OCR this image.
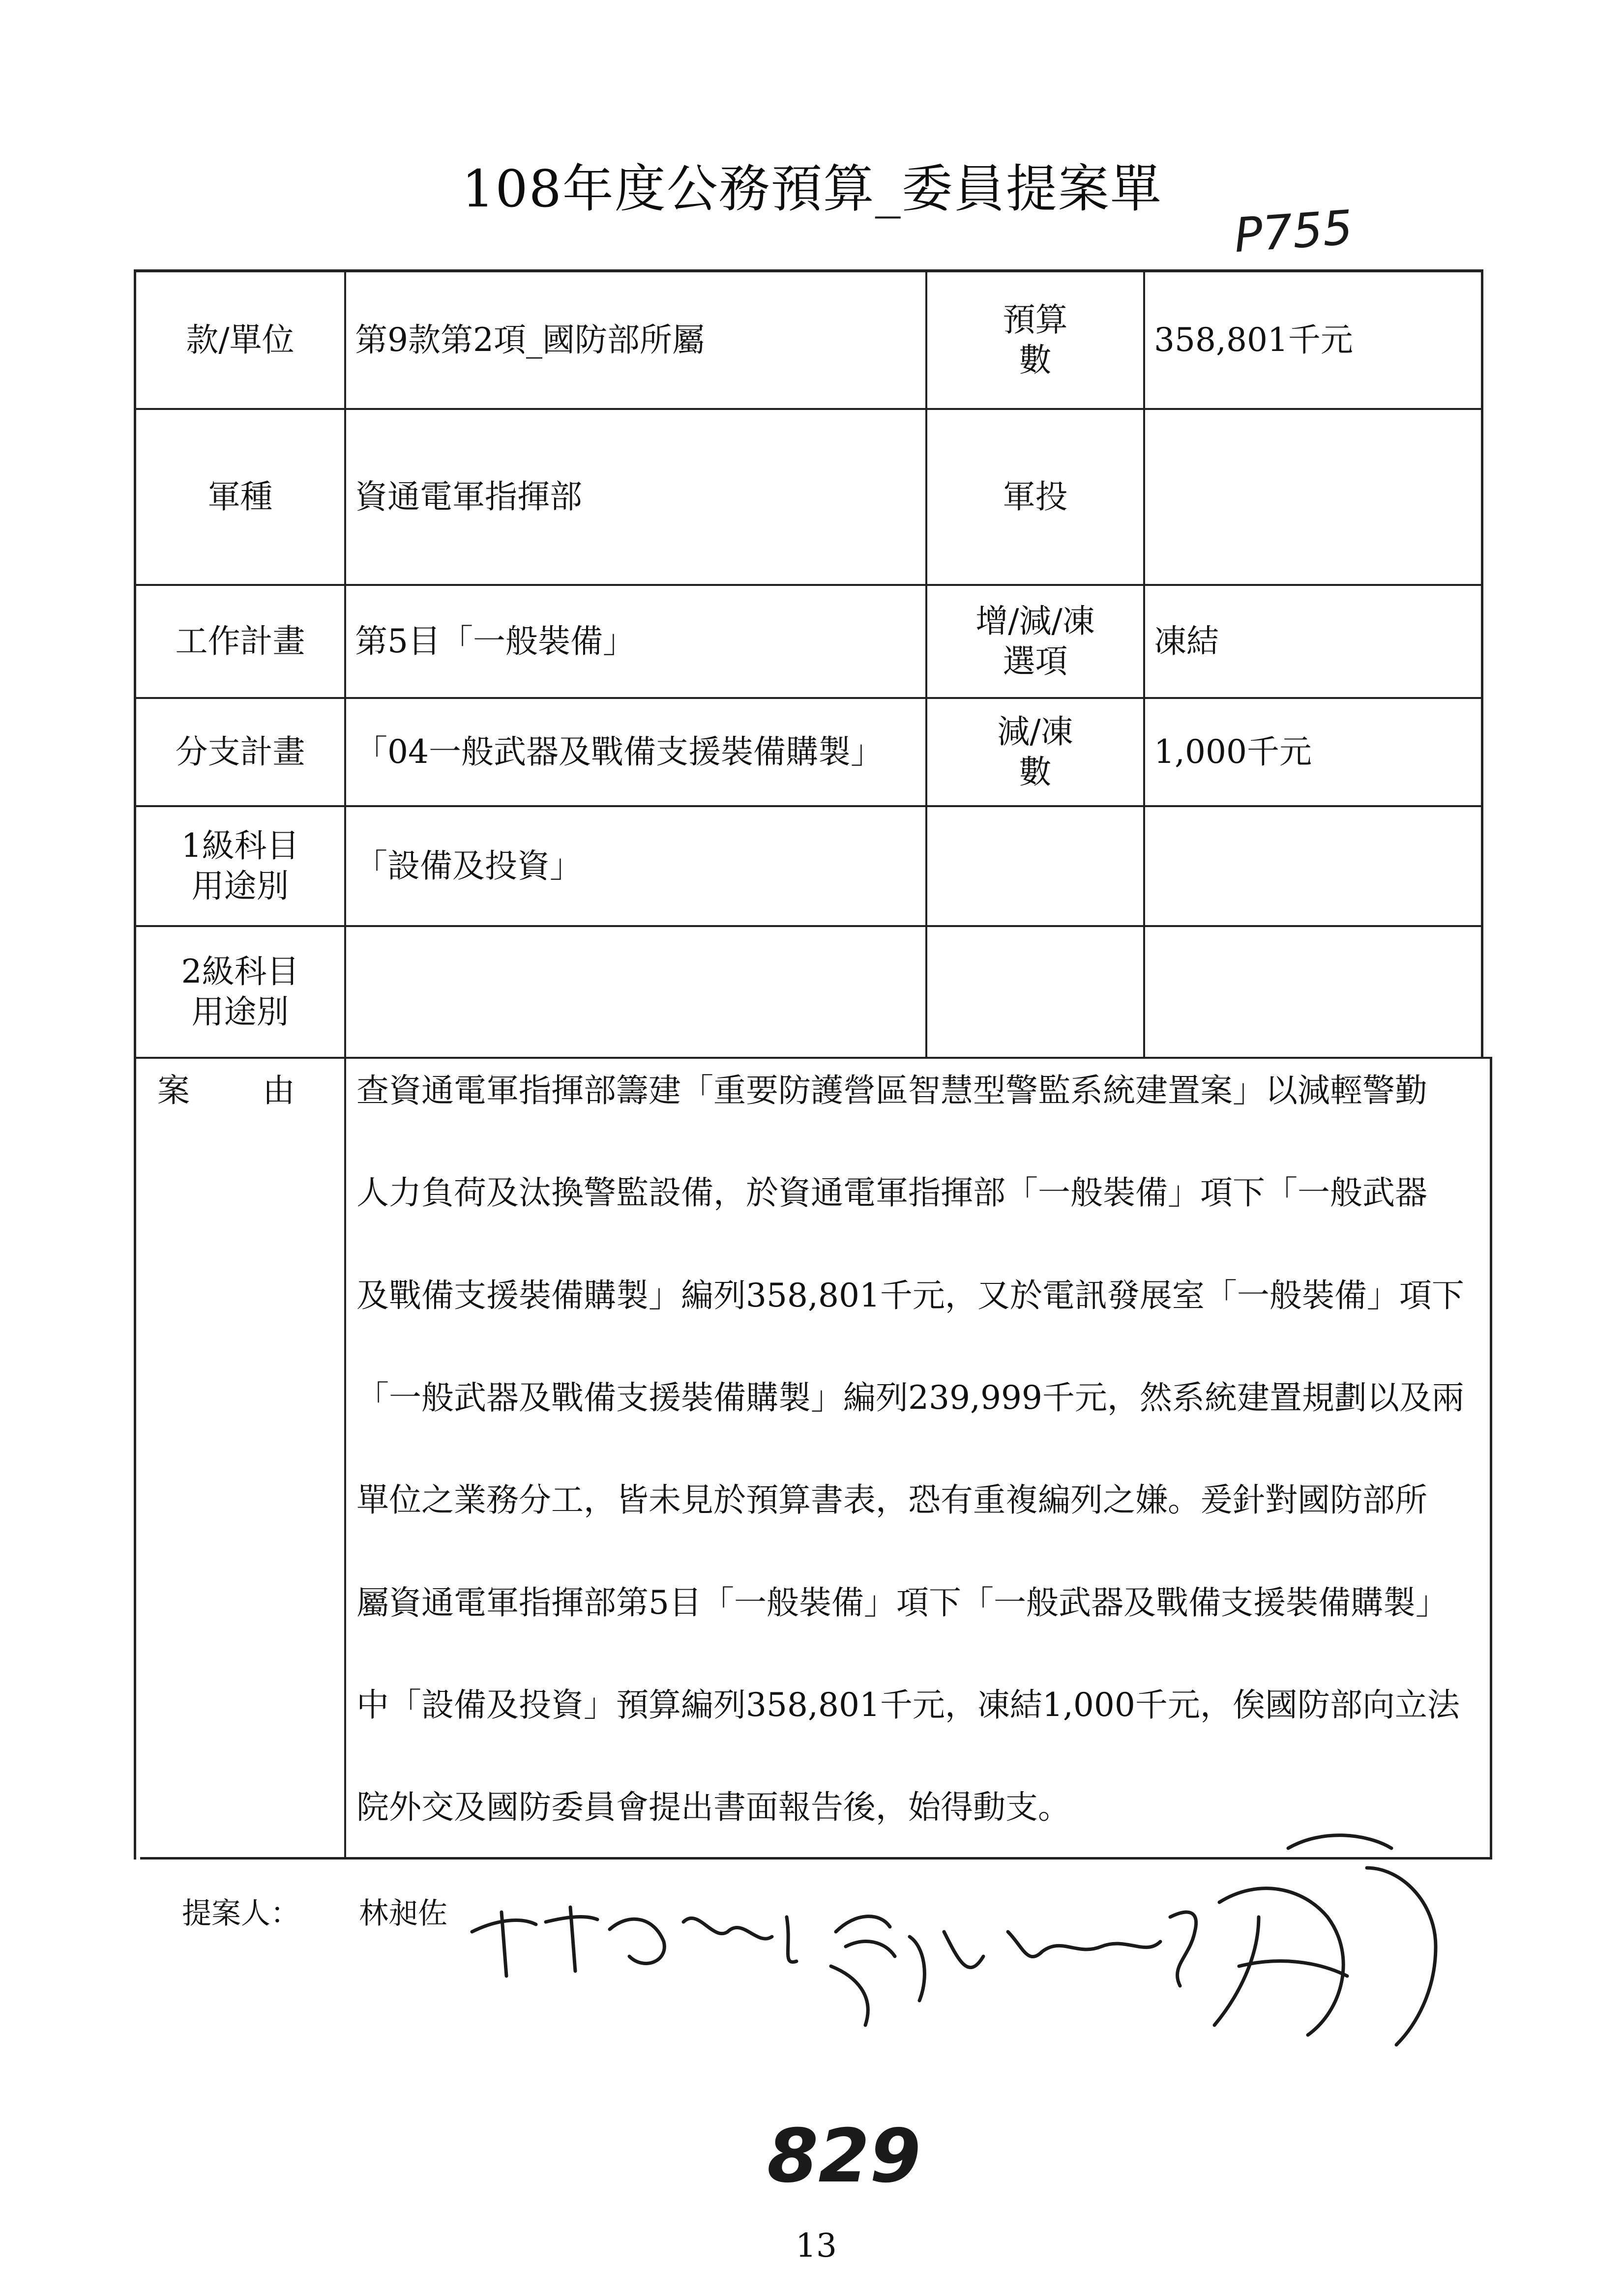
108年度公務預算_委員提案單
P755
款/單位 第9款第2項_國防部所屬
預算
數
358,801千元
軍種	資通電軍指揮部	軍投
工作計畫 第5目「一般裝備」
增/減/凍
選項
凍結
分支計畫 「04一般武器及戰備支援裝備購製」
減/凍
數
1,000千元
1級科目
用途別
「設備及投資」
2級科目
用途別
案 由 查資通電軍指揮部籌建「重要防護營區智慧型警監系統建置案」以減輕警勤
人力負荷及汰換警監設備，於資通電軍指揮部「一般裝備」項下「一般武器
及戰備支援裝備購製」編列358,801千元，又於電訊發展室「一般裝備」項下
「一般武器及戰備支援裝備購製」編列239,999千元，然系統建置規劃以及兩
單位之業務分工，皆未見於預算書表，恐有重複編列之嫌。爰針對國防部所
屬資通電軍指揮部第5目「一般裝備」項下「一般武器及戰備支援裝備購製」
中「設備及投資」預算編列358,801千元，凍結1,000千元，俟國防部向立法
院外交及國防委員會提出書面報告後，始得動支。
提案人： 林昶佐
829
13
